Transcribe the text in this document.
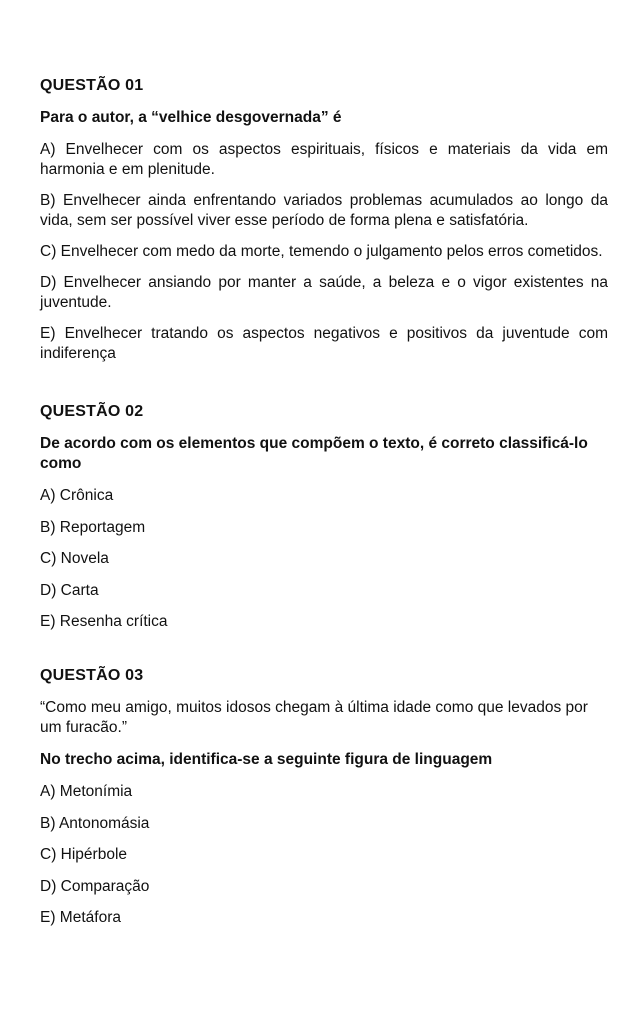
QUESTÃO 01
Para o autor, a “velhice desgovernada” é
A) Envelhecer com os aspectos espirituais, físicos e materiais da vida em harmonia e em plenitude.
B) Envelhecer ainda enfrentando variados problemas acumulados ao longo da vida, sem ser possível viver esse período de forma plena e satisfatória.
C) Envelhecer com medo da morte, temendo o julgamento pelos erros cometidos.
D) Envelhecer ansiando por manter a saúde, a beleza e o vigor existentes na juventude.
E) Envelhecer tratando os aspectos negativos e positivos da juventude com indiferença
QUESTÃO 02
De acordo com os elementos que compõem o texto, é correto classificá-lo como
A) Crônica
B) Reportagem
C) Novela
D) Carta
E) Resenha crítica
QUESTÃO 03
“Como meu amigo, muitos idosos chegam à última idade como que levados por um furacão.”
No trecho acima, identifica-se a seguinte figura de linguagem
A) Metonímia
B) Antonomásia
C) Hipérbole
D) Comparação
E) Metáfora
